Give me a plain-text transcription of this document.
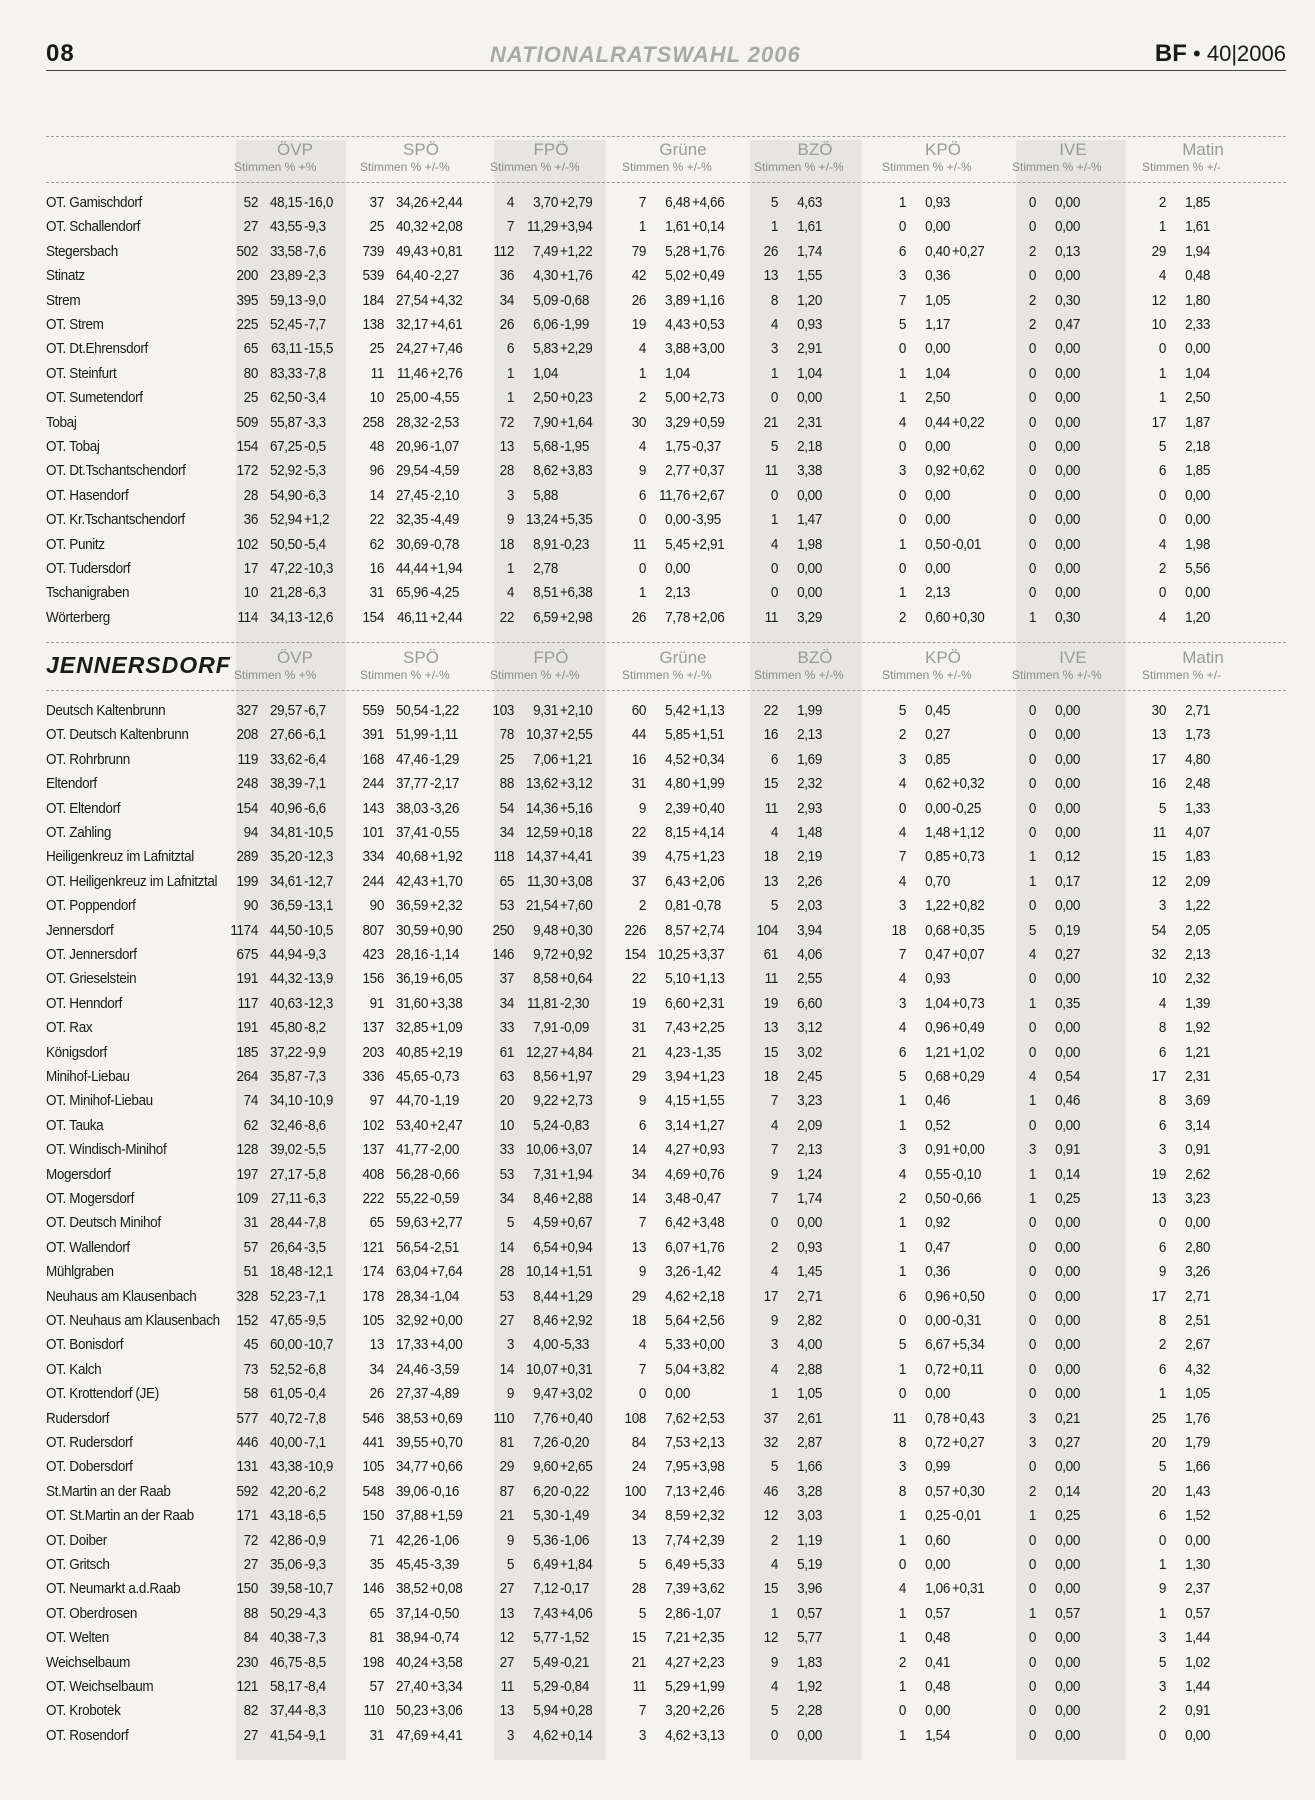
08	NATIONALRATSWAHL 2006	BF • 40|2006
ÖVP
Stimmen % +%
SPÖ
Stimmen % +/-%
FPÖ
Stimmen % +/-%
Grüne
Stimmen % +/-%
BZÖ
Stimmen % +/-%
KPÖ
Stimmen % +/-%
IVE
Stimmen % +/-%
Matin
Stimmen % +/-
OT. Gamischdorf	52 48,15 -16,0	37 34,26 +2,44	4	3,70 +2,79	7	6,48 +4,66	5	4,63	1	0,93	0	0,00	2	1,85
OT. Schallendorf	27 43,55 -9,3	25 40,32 +2,08	7 11,29 +3,94	1	1,61 +0,14	1	1,61	0	0,00	0	0,00	1	1,61
Stegersbach	502 33,58 -7,6	739 49,43 +0,81	112	7,49 +1,22	79	5,28 +1,76	26	1,74	6	0,40 +0,27	2	0,13	29	1,94
Stinatz	200 23,89 -2,3	539 64,40 -2,27	36	4,30 +1,76	42	5,02 +0,49	13	1,55	3	0,36	0	0,00	4	0,48
Strem	395 59,13 -9,0	184 27,54 +4,32	34	5,09 -0,68	26	3,89 +1,16	8	1,20	7	1,05	2	0,30	12	1,80
OT. Strem	225 52,45 -7,7	138 32,17 +4,61	26	6,06 -1,99	19	4,43 +0,53	4	0,93	5	1,17	2	0,47	10	2,33
OT. Dt.Ehrensdorf	65 63,11 -15,5	25 24,27 +7,46	6	5,83 +2,29	4	3,88 +3,00	3	2,91	0	0,00	0	0,00	0	0,00
OT. Steinfurt	80 83,33 -7,8	11 11,46 +2,76	1	1,04	1	1,04	1	1,04	1	1,04	0	0,00	1	1,04
OT. Sumetendorf	25 62,50 -3,4	10 25,00 -4,55	1	2,50 +0,23	2	5,00 +2,73	0	0,00	1	2,50	0	0,00	1	2,50
Tobaj	509 55,87 -3,3	258 28,32 -2,53	72	7,90 +1,64	30	3,29 +0,59	21	2,31	4	0,44 +0,22	0	0,00	17	1,87
OT. Tobaj	154 67,25 -0,5	48 20,96 -1,07	13	5,68 -1,95	4	1,75 -0,37	5	2,18	0	0,00	0	0,00	5	2,18
OT. Dt.Tschantschendorf	172 52,92 -5,3	96 29,54 -4,59	28	8,62 +3,83	9	2,77 +0,37	11	3,38	3	0,92 +0,62	0	0,00	6	1,85
OT. Hasendorf	28 54,90 -6,3	14 27,45 -2,10	3	5,88	6 11,76 +2,67	0	0,00	0	0,00	0	0,00	0	0,00
OT. Kr.Tschantschendorf	36 52,94 +1,2	22 32,35 -4,49	9 13,24 +5,35	0	0,00 -3,95	1	1,47	0	0,00	0	0,00	0	0,00
OT. Punitz	102 50,50 -5,4	62 30,69 -0,78	18	8,91 -0,23	11	5,45 +2,91	4	1,98	1	0,50 -0,01	0	0,00	4	1,98
OT. Tudersdorf	17 47,22 -10,3	16 44,44 +1,94	1	2,78	0	0,00	0	0,00	0	0,00	0	0,00	2	5,56
Tschanigraben	10 21,28 -6,3	31 65,96 -4,25	4	8,51 +6,38	1	2,13	0	0,00	1	2,13	0	0,00	0	0,00
Wörterberg	114 34,13 -12,6	154 46,11 +2,44	22	6,59 +2,98	26	7,78 +2,06	11	3,29	2	0,60 +0,30	1	0,30	4	1,20
JENNERSDORF	ÖVP
Stimmen % +%
SPÖ
Stimmen % +/-%
FPÖ
Stimmen % +/-%
Grüne
Stimmen % +/-%
BZÖ
Stimmen % +/-%
KPÖ
Stimmen % +/-%
IVE
Stimmen % +/-%
Matin
Stimmen % +/-
Deutsch Kaltenbrunn	327 29,57 -6,7	559 50,54 -1,22	103	9,31 +2,10	60	5,42 +1,13	22	1,99	5	0,45	0	0,00	30	2,71
OT. Deutsch Kaltenbrunn	208 27,66 -6,1	391 51,99 -1,11	78 10,37 +2,55	44	5,85 +1,51	16	2,13	2	0,27	0	0,00	13	1,73
OT. Rohrbrunn	119 33,62 -6,4	168 47,46 -1,29	25	7,06 +1,21	16	4,52 +0,34	6	1,69	3	0,85	0	0,00	17	4,80
Eltendorf	248 38,39 -7,1	244 37,77 -2,17	88 13,62 +3,12	31	4,80 +1,99	15	2,32	4	0,62 +0,32	0	0,00	16	2,48
OT. Eltendorf	154 40,96 -6,6	143 38,03 -3,26	54 14,36 +5,16	9	2,39 +0,40	11	2,93	0	0,00 -0,25	0	0,00	5	1,33
OT. Zahling	94 34,81 -10,5	101 37,41 -0,55	34 12,59 +0,18	22	8,15 +4,14	4	1,48	4	1,48 +1,12	0	0,00	11	4,07
Heiligenkreuz im Lafnitztal	289 35,20 -12,3	334 40,68 +1,92	118 14,37 +4,41	39	4,75 +1,23	18	2,19	7	0,85 +0,73	1	0,12	15	1,83
OT. Heiligenkreuz im Lafnitztal	199 34,61 -12,7	244 42,43 +1,70	65 11,30 +3,08	37	6,43 +2,06	13	2,26	4	0,70	1	0,17	12	2,09
OT. Poppendorf	90 36,59 -13,1	90 36,59 +2,32	53 21,54 +7,60	2	0,81 -0,78	5	2,03	3	1,22 +0,82	0	0,00	3	1,22
Jennersdorf	1174 44,50 -10,5	807 30,59 +0,90	250	9,48 +0,30	226	8,57 +2,74	104	3,94	18	0,68 +0,35	5	0,19	54	2,05
OT. Jennersdorf	675 44,94 -9,3	423 28,16 -1,14	146	9,72 +0,92	154 10,25 +3,37	61	4,06	7	0,47 +0,07	4	0,27	32	2,13
OT. Grieselstein	191 44,32 -13,9	156 36,19 +6,05	37	8,58 +0,64	22	5,10 +1,13	11	2,55	4	0,93	0	0,00	10	2,32
OT. Henndorf	117 40,63 -12,3	91 31,60 +3,38	34 11,81 -2,30	19	6,60 +2,31	19	6,60	3	1,04 +0,73	1	0,35	4	1,39
OT. Rax	191 45,80 -8,2	137 32,85 +1,09	33	7,91 -0,09	31	7,43 +2,25	13	3,12	4	0,96 +0,49	0	0,00	8	1,92
Königsdorf	185 37,22 -9,9	203 40,85 +2,19	61 12,27 +4,84	21	4,23 -1,35	15	3,02	6	1,21 +1,02	0	0,00	6	1,21
Minihof-Liebau	264 35,87 -7,3	336 45,65 -0,73	63	8,56 +1,97	29	3,94 +1,23	18	2,45	5	0,68 +0,29	4	0,54	17	2,31
OT. Minihof-Liebau	74 34,10 -10,9	97 44,70 -1,19	20	9,22 +2,73	9	4,15 +1,55	7	3,23	1	0,46	1	0,46	8	3,69
OT. Tauka	62 32,46 -8,6	102 53,40 +2,47	10	5,24 -0,83	6	3,14 +1,27	4	2,09	1	0,52	0	0,00	6	3,14
OT. Windisch-Minihof	128 39,02 -5,5	137 41,77 -2,00	33 10,06 +3,07	14	4,27 +0,93	7	2,13	3	0,91 +0,00	3	0,91	3	0,91
Mogersdorf	197 27,17 -5,8	408 56,28 -0,66	53	7,31 +1,94	34	4,69 +0,76	9	1,24	4	0,55 -0,10	1	0,14	19	2,62
OT. Mogersdorf	109 27,11 -6,3	222 55,22 -0,59	34	8,46 +2,88	14	3,48 -0,47	7	1,74	2	0,50 -0,66	1	0,25	13	3,23
OT. Deutsch Minihof	31 28,44 -7,8	65 59,63 +2,77	5	4,59 +0,67	7	6,42 +3,48	0	0,00	1	0,92	0	0,00	0	0,00
OT. Wallendorf	57 26,64 -3,5	121 56,54 -2,51	14	6,54 +0,94	13	6,07 +1,76	2	0,93	1	0,47	0	0,00	6	2,80
Mühlgraben	51 18,48 -12,1	174 63,04 +7,64	28 10,14 +1,51	9	3,26 -1,42	4	1,45	1	0,36	0	0,00	9	3,26
Neuhaus am Klausenbach	328 52,23 -7,1	178 28,34 -1,04	53	8,44 +1,29	29	4,62 +2,18	17	2,71	6	0,96 +0,50	0	0,00	17	2,71
OT. Neuhaus am Klausenbach	152 47,65 -9,5	105 32,92 +0,00	27	8,46 +2,92	18	5,64 +2,56	9	2,82	0	0,00 -0,31	0	0,00	8	2,51
OT. Bonisdorf	45 60,00 -10,7	13 17,33 +4,00	3	4,00 -5,33	4	5,33 +0,00	3	4,00	5	6,67 +5,34	0	0,00	2	2,67
OT. Kalch	73 52,52 -6,8	34 24,46 -3,59	14 10,07 +0,31	7	5,04 +3,82	4	2,88	1	0,72 +0,11	0	0,00	6	4,32
OT. Krottendorf (JE)	58 61,05 -0,4	26 27,37 -4,89	9	9,47 +3,02	0	0,00	1	1,05	0	0,00	0	0,00	1	1,05
Rudersdorf	577 40,72 -7,8	546 38,53 +0,69	110	7,76 +0,40	108	7,62 +2,53	37	2,61	11	0,78 +0,43	3	0,21	25	1,76
OT. Rudersdorf	446 40,00 -7,1	441 39,55 +0,70	81	7,26 -0,20	84	7,53 +2,13	32	2,87	8	0,72 +0,27	3	0,27	20	1,79
OT. Dobersdorf	131 43,38 -10,9	105 34,77 +0,66	29	9,60 +2,65	24	7,95 +3,98	5	1,66	3	0,99	0	0,00	5	1,66
St.Martin an der Raab	592 42,20 -6,2	548 39,06 -0,16	87	6,20 -0,22	100	7,13 +2,46	46	3,28	8	0,57 +0,30	2	0,14	20	1,43
OT. St.Martin an der Raab	171 43,18 -6,5	150 37,88 +1,59	21	5,30 -1,49	34	8,59 +2,32	12	3,03	1	0,25 -0,01	1	0,25	6	1,52
OT. Doiber	72 42,86 -0,9	71 42,26 -1,06	9	5,36 -1,06	13	7,74 +2,39	2	1,19	1	0,60	0	0,00	0	0,00
OT. Gritsch	27 35,06 -9,3	35 45,45 -3,39	5	6,49 +1,84	5	6,49 +5,33	4	5,19	0	0,00	0	0,00	1	1,30
OT. Neumarkt a.d.Raab	150 39,58 -10,7	146 38,52 +0,08	27	7,12 -0,17	28	7,39 +3,62	15	3,96	4	1,06 +0,31	0	0,00	9	2,37
OT. Oberdrosen	88 50,29 -4,3	65 37,14 -0,50	13	7,43 +4,06	5	2,86 -1,07	1	0,57	1	0,57	1	0,57	1	0,57
OT. Welten	84 40,38 -7,3	81 38,94 -0,74	12	5,77 -1,52	15	7,21 +2,35	12	5,77	1	0,48	0	0,00	3	1,44
Weichselbaum	230 46,75 -8,5	198 40,24 +3,58	27	5,49 -0,21	21	4,27 +2,23	9	1,83	2	0,41	0	0,00	5	1,02
OT. Weichselbaum	121 58,17 -8,4	57 27,40 +3,34	11	5,29 -0,84	11	5,29 +1,99	4	1,92	1	0,48	0	0,00	3	1,44
OT. Krobotek	82 37,44 -8,3	110 50,23 +3,06	13	5,94 +0,28	7	3,20 +2,26	5	2,28	0	0,00	0	0,00	2	0,91
OT. Rosendorf	27 41,54 -9,1	31 47,69 +4,41	3	4,62 +0,14	3	4,62 +3,13	0	0,00	1	1,54	0	0,00	0	0,00
